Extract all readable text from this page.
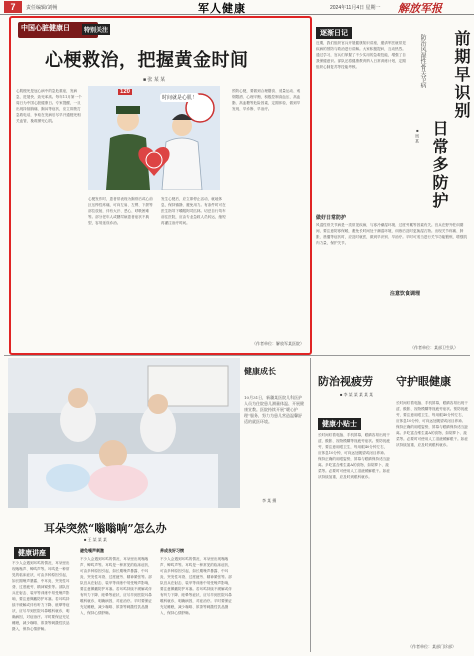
7	责任编辑/刘畅	军人健康	2024年11月4日 星期一 解放军报
中国心脏健康日	特别关注
心梗救治，把握黄金时间
■ 张 某 某
心肌梗死是冠心病中的急危重症，发病急、进展快、致死率高。每年11月第一个周日为中国心脏健康日。专家提醒，一旦出现持续胸痛、胸闷等症状，应立即拨打急救电话，争取在发病后尽早开通梗死相关血管，挽救濒死心肌。
120
时间就是心肌！
心梗发作时，患者常表现为胸骨后或心前区压榨性疼痛，可向左肩、左臂、下颌等部位放射，伴有大汗、恶心、呼吸困难等。部分老年人或糖尿病患者症状不典型，容易延误诊治。
发生心梗后，应立即停止活动，就地休息，保持镇静，避免用力。有条件时可在医生指导下嚼服阿司匹林。切忌自行驾车前往医院，应由专业急救人员转运，缩短再灌注治疗时间。
预防心梗，要做到合理膳食、适量运动、戒烟限酒、心理平衡，积极控制高血压、高血脂、高血糖等危险因素，定期体检，做到早发现、早诊断、早治疗。
（作者单位：解放军某医院）
逐渐日记
近期，我们组织官兵开展健康知识讲座，邀请军医就常见疾病的预防与救治进行讲解。大家积极提问，互动热烈。通过学习，官兵们掌握了不少实用的急救技能，增强了自我保健意识。部队还将健康教育纳入日常训练计划，定期组织心肺复苏等技能考核。	前期早识别
日常多防护
防治风湿性骨关节病
■ 周 某
做好日常防护
风湿性骨关节病是一类常见疾病，与寒冷潮湿环境、过度劳累等因素有关。官兵在野外驻训期间，要注意防寒保暖，避免长时间处于潮湿环境，训练后及时更换湿衣物。出现关节疼痛、肿胀、晨僵等症状时，应及时就医，做到早识别、早治疗。平时可适当进行关节功能锻炼，增强肌肉力量，保护关节。
注意饮食调理
（作者单位：某部卫生队）
健康成长
10月31日，新疆某医院儿科医护人员为住院患儿测量体温、开展健康宣教。医院持续开展“暖心护理”服务，努力为患儿营造温馨舒适的就医环境。
李 某 摄
耳朵突然“嗡嗡响”怎么办
■ 王 某 某 某
健康讲座
不少人会遇到耳鸣的情况，耳朵里出现嗡嗡声、蝉鸣声等。耳鸣是一种常见的临床症状，可由多种原因引起，如长期噪声暴露、中耳炎、突发性耳聋、过度疲劳、精神紧张等。部队官兵在射击、装甲等训练中易受噪声影响，要注意佩戴防护耳塞。若耳鸣持续不缓解或伴有听力下降、眩晕等症状，应尽早到医院耳鼻喉科就诊，明确病因，对症治疗。平时要保证充足睡眠，减少咖啡、浓茶等刺激性饮品摄入，保持心情舒畅。
避免噪声刺激
不少人会遇到耳鸣的情况，耳朵里出现嗡嗡声、蝉鸣声等。耳鸣是一种常见的临床症状，可由多种原因引起，如长期噪声暴露、中耳炎、突发性耳聋、过度疲劳、精神紧张等。部队官兵在射击、装甲等训练中易受噪声影响，要注意佩戴防护耳塞。若耳鸣持续不缓解或伴有听力下降、眩晕等症状，应尽早到医院耳鼻喉科就诊，明确病因，对症治疗。平时要保证充足睡眠，减少咖啡、浓茶等刺激性饮品摄入，保持心情舒畅。
养成良好习惯
不少人会遇到耳鸣的情况，耳朵里出现嗡嗡声、蝉鸣声等。耳鸣是一种常见的临床症状，可由多种原因引起，如长期噪声暴露、中耳炎、突发性耳聋、过度疲劳、精神紧张等。部队官兵在射击、装甲等训练中易受噪声影响，要注意佩戴防护耳塞。若耳鸣持续不缓解或伴有听力下降、眩晕等症状，应尽早到医院耳鼻喉科就诊，明确病因，对症治疗。平时要保证充足睡眠，减少咖啡、浓茶等刺激性饮品摄入，保持心情舒畅。
防治视疲劳 守护眼健康
■ 李 某 某 某 某 某
健康小贴士
长时间盯着电脑、手机屏幕，眼睛容易出现干涩、酸胀、视物模糊等视疲劳症状。预防视疲劳，要注意用眼卫生，每用眼40分钟左右，应休息10分钟，可向远处眺望或闭目养神。保持正确的用眼姿势，屏幕与眼睛保持适当距离。多吃富含维生素A的食物，如胡萝卜、菠菜等。必要时可使用人工泪液缓解眼干。如症状持续加重，应及时到眼科就诊。
长时间盯着电脑、手机屏幕，眼睛容易出现干涩、酸胀、视物模糊等视疲劳症状。预防视疲劳，要注意用眼卫生，每用眼40分钟左右，应休息10分钟，可向远处眺望或闭目养神。保持正确的用眼姿势，屏幕与眼睛保持适当距离。多吃富含维生素A的食物，如胡萝卜、菠菜等。必要时可使用人工泪液缓解眼干。如症状持续加重，应及时到眼科就诊。
（作者单位：某部门诊部）
